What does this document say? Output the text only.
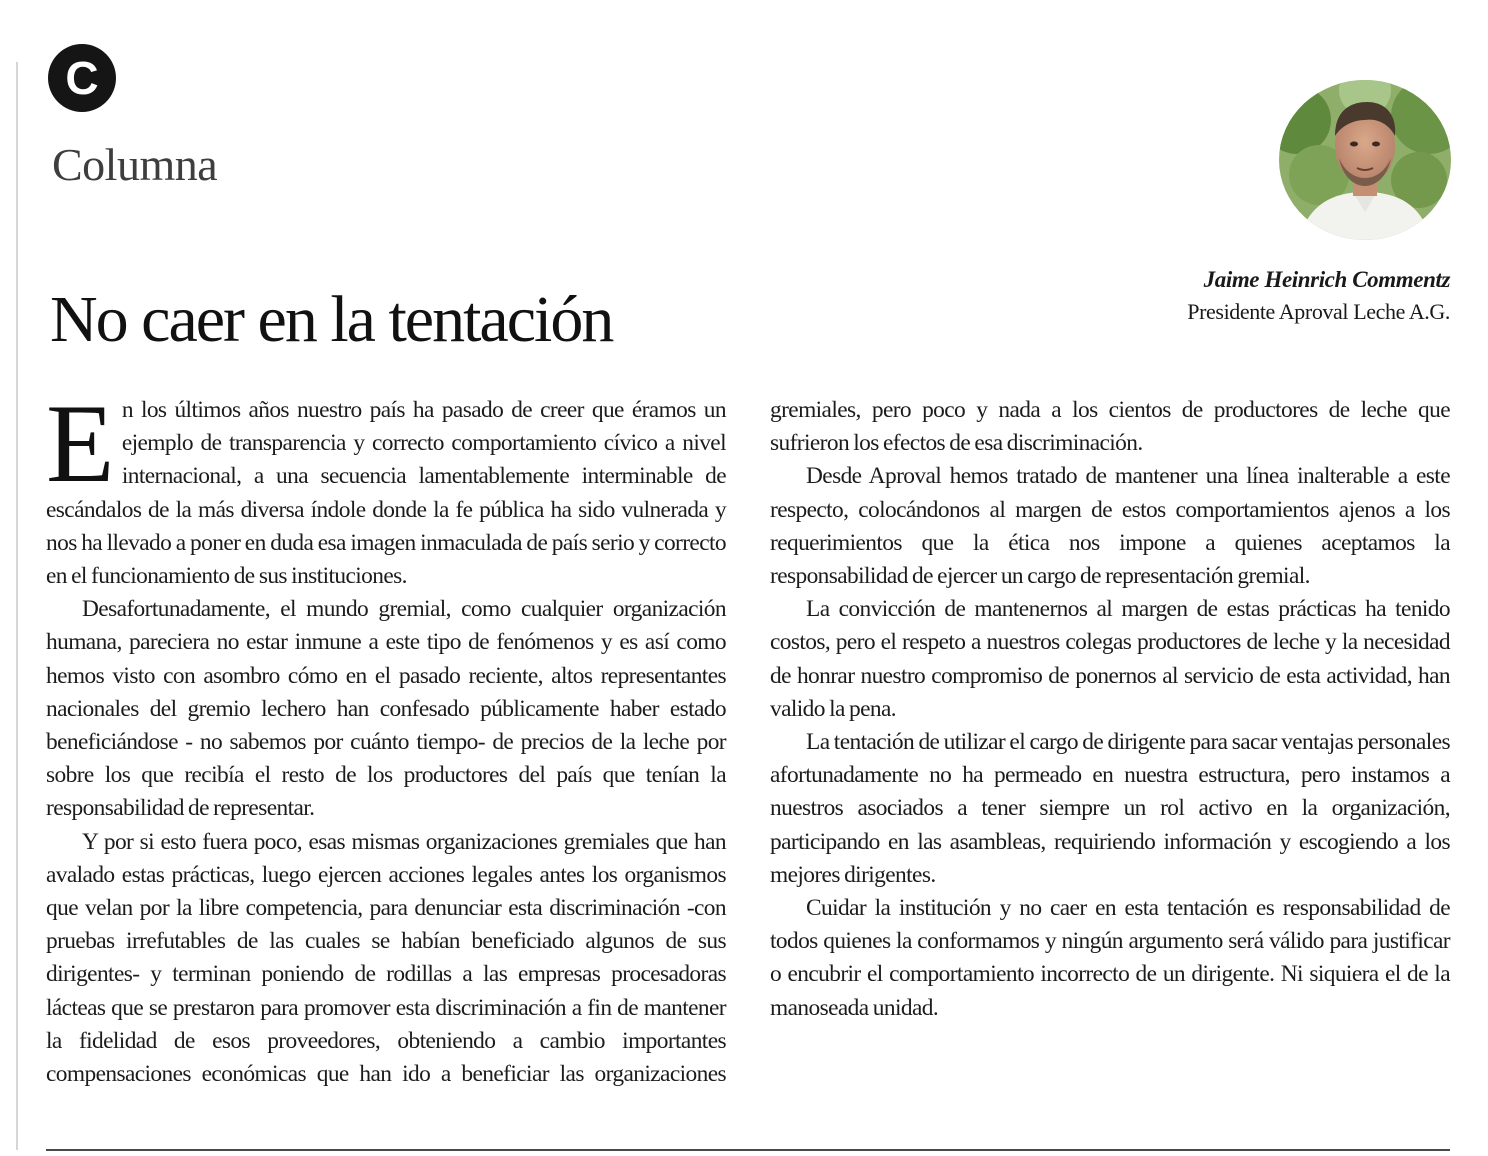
C
Columna
No caer en la tentación
Jaime Heinrich Commentz
Presidente Aproval Leche A.G.

En los últimos años nuestro país ha pasado de creer que éramos un ejemplo de transparencia y correcto comportamiento cívico a nivel internacional, a una secuencia lamentablemente interminable de escándalos de la más diversa índole donde la fe pública ha sido vulnerada y nos ha llevado a poner en duda esa imagen inmaculada de país serio y correcto en el funcionamiento de sus instituciones.

Desafortunadamente, el mundo gremial, como cualquier organización humana, pareciera no estar inmune a este tipo de fenómenos y es así como hemos visto con asombro cómo en el pasado reciente, altos representantes nacionales del gremio lechero han confesado públicamente haber estado beneficiándose - no sabemos por cuánto tiempo- de precios de la leche por sobre los que recibía el resto de los productores del país que tenían la responsabilidad de representar.

Y por si esto fuera poco, esas mismas organizaciones gremiales que han avalado estas prácticas, luego ejercen acciones legales antes los organismos que velan por la libre competencia, para denunciar esta discriminación -con pruebas irrefutables de las cuales se habían beneficiado algunos de sus dirigentes- y terminan poniendo de rodillas a las empresas procesadoras lácteas que se prestaron para promover esta discriminación a fin de mantener la fidelidad de esos proveedores, obteniendo a cambio importantes compensaciones económicas que han ido a beneficiar las organizaciones gremiales, pero poco y nada a los cientos de productores de leche que sufrieron los efectos de esa discriminación.

Desde Aproval hemos tratado de mantener una línea inalterable a este respecto, colocándonos al margen de estos comportamientos ajenos a los requerimientos que la ética nos impone a quienes aceptamos la responsabilidad de ejercer un cargo de representación gremial.

La convicción de mantenernos al margen de estas prácticas ha tenido costos, pero el respeto a nuestros colegas productores de leche y la necesidad de honrar nuestro compromiso de ponernos al servicio de esta actividad, han valido la pena.

La tentación de utilizar el cargo de dirigente para sacar ventajas personales afortunadamente no ha permeado en nuestra estructura, pero instamos a nuestros asociados a tener siempre un rol activo en la organización, participando en las asambleas, requiriendo información y escogiendo a los mejores dirigentes.

Cuidar la institución y no caer en esta tentación es responsabilidad de todos quienes la conformamos y ningún argumento será válido para justificar o encubrir el comportamiento incorrecto de un dirigente. Ni siquiera el de la manoseada unidad.
